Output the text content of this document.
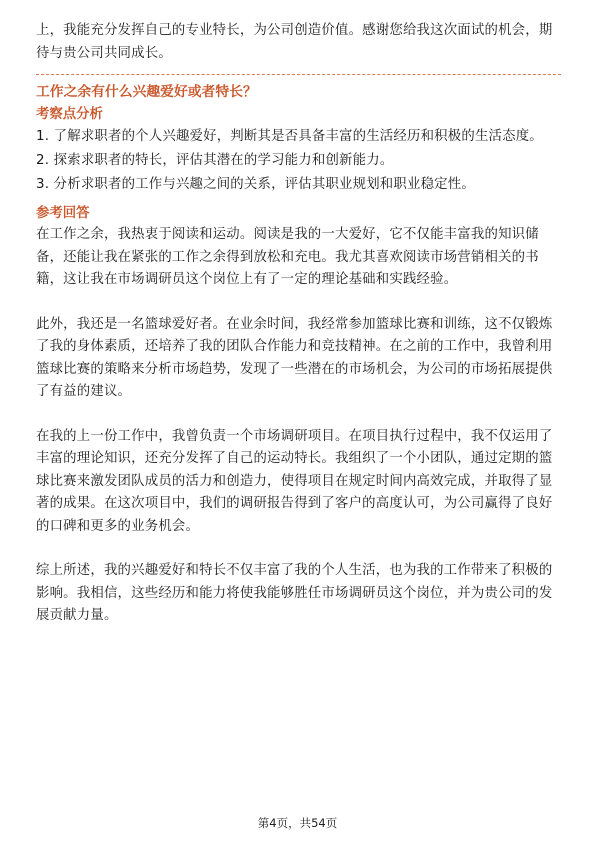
上，我能充分发挥自己的专业特长，为公司创造价值。感谢您给我这次面试的机会，期待与贵公司共同成长。

工作之余有什么兴趣爱好或者特长？
考察点分析

1. 了解求职者的个人兴趣爱好，判断其是否具备丰富的生活经历和积极的生活态度。

2. 探索求职者的特长，评估其潜在的学习能力和创新能力。

3. 分析求职者的工作与兴趣之间的关系，评估其职业规划和职业稳定性。

参考回答

在工作之余，我热衷于阅读和运动。阅读是我的一大爱好，它不仅能丰富我的知识储备，还能让我在紧张的工作之余得到放松和充电。我尤其喜欢阅读市场营销相关的书籍，这让我在市场调研员这个岗位上有了一定的理论基础和实践经验。

此外，我还是一名篮球爱好者。在业余时间，我经常参加篮球比赛和训练，这不仅锻炼了我的身体素质，还培养了我的团队合作能力和竞技精神。在之前的工作中，我曾利用篮球比赛的策略来分析市场趋势，发现了一些潜在的市场机会，为公司的市场拓展提供了有益的建议。

在我的上一份工作中，我曾负责一个市场调研项目。在项目执行过程中，我不仅运用了丰富的理论知识，还充分发挥了自己的运动特长。我组织了一个小团队，通过定期的篮球比赛来激发团队成员的活力和创造力，使得项目在规定时间内高效完成，并取得了显著的成果。在这次项目中，我们的调研报告得到了客户的高度认可，为公司赢得了良好的口碑和更多的业务机会。

综上所述，我的兴趣爱好和特长不仅丰富了我的个人生活，也为我的工作带来了积极的影响。我相信，这些经历和能力将使我能够胜任市场调研员这个岗位，并为贵公司的发展贡献力量。

第4页，共54页
